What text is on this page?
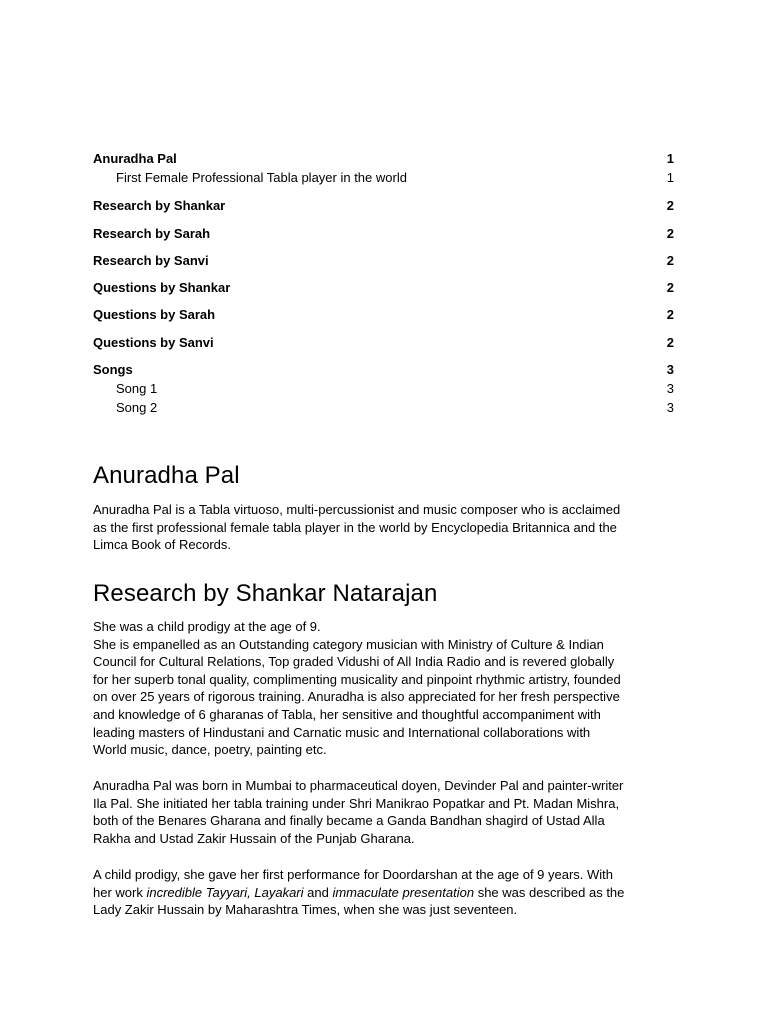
Anuradha Pal	1
First Female Professional Tabla player in the world	1
Research by Shankar	2
Research by Sarah	2
Research by Sanvi	2
Questions by Shankar	2
Questions by Sarah	2
Questions by Sanvi	2
Songs	3
Song 1	3
Song 2	3
Anuradha Pal

Anuradha Pal is a Tabla virtuoso, multi-percussionist and music composer who is acclaimed

as the first professional female tabla player in the world by Encyclopedia Britannica and the

Limca Book of Records.

Research by Shankar Natarajan

She was a child prodigy at the age of 9.

She is empanelled as an Outstanding category musician with Ministry of Culture & Indian

Council for Cultural Relations, Top graded Vidushi of All India Radio and is revered globally

for her superb tonal quality, complimenting musicality and pinpoint rhythmic artistry, founded

on over 25 years of rigorous training. Anuradha is also appreciated for her fresh perspective

and knowledge of 6 gharanas of Tabla, her sensitive and thoughtful accompaniment with

leading masters of Hindustani and Carnatic music and International collaborations with

World music, dance, poetry, painting etc.

Anuradha Pal was born in Mumbai to pharmaceutical doyen, Devinder Pal and painter-writer

Ila Pal. She initiated her tabla training under Shri Manikrao Popatkar and Pt. Madan Mishra,

both of the Benares Gharana and finally became a Ganda Bandhan shagird of Ustad Alla

Rakha and Ustad Zakir Hussain of the Punjab Gharana.

A child prodigy, she gave her first performance for Doordarshan at the age of 9 years. With

her work incredible Tayyari, Layakari and immaculate presentation she was described as the

Lady Zakir Hussain by Maharashtra Times, when she was just seventeen.
